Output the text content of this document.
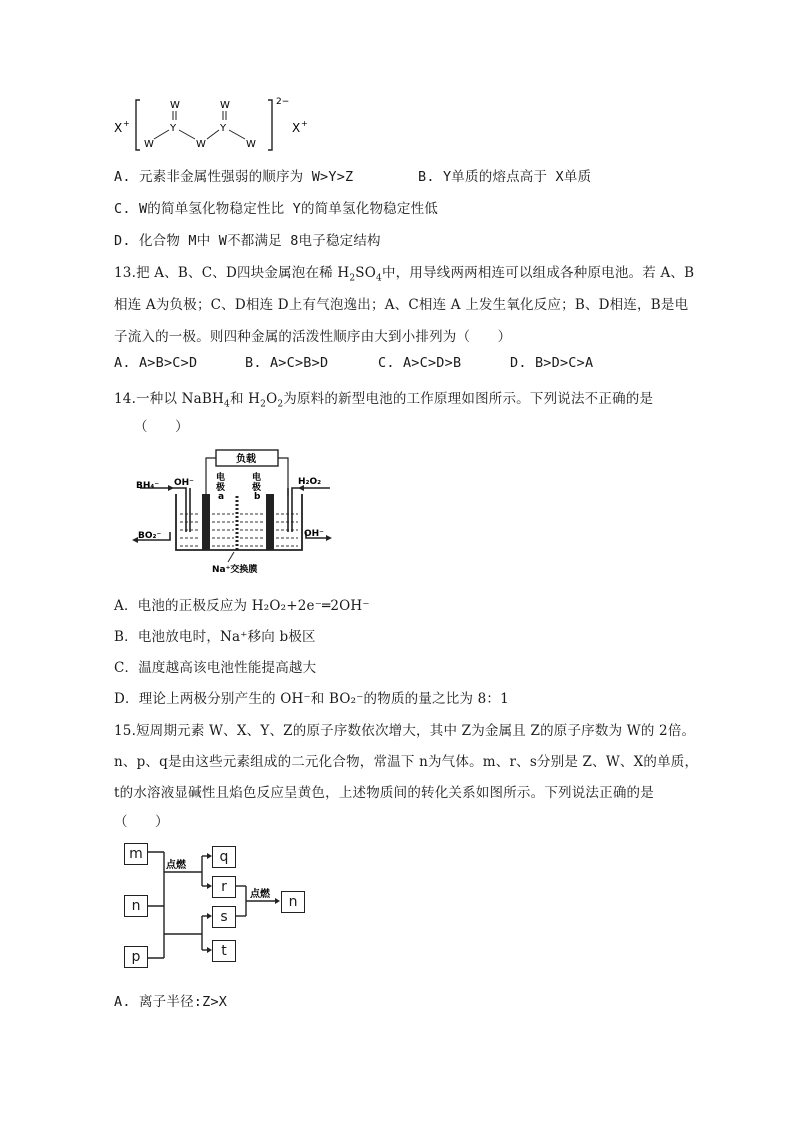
X +
2−
W	W
Y	Y
W	W	W
X +
A. 元素非金属性强弱的顺序为 W>Y>Z	B. Y单质的熔点高于 X单质
C. W的简单氢化物稳定性比 Y的简单氢化物稳定性低
D. 化合物 M中 W不都满足 8电子稳定结构
13.把 A、B、C、D四块金属泡在稀 $H_2SO_4$中，用导线两两相连可以组成各种原电池。若 A、B
相连 A为负极；C、D相连 D上有气泡逸出；A、C相连 A 上发生氧化反应；B、D相连，B是电
子流入的一极。则四种金属的活泼性顺序由大到小排列为（　　）
A. A>B>C>D	B. A>C>B>D	C. A>C>D>B	D. B>D>C>A
14.一种以 NaBH$_4$和 $H_2O_2$为原料的新型电池的工作原理如图所示。下列说法不正确的是
（　　）
负载
电
极
a
电
极
b
BH₄⁻ OH⁻
BO₂⁻
H₂O₂
OH⁻
Na⁺交换膜
A．电池的正极反应为 H₂O₂+2e⁻═2OH⁻
B．电池放电时，Na⁺移向 b极区
C．温度越高该电池性能提高越大
D．理论上两极分别产生的 OH⁻和 BO₂⁻的物质的量之比为 8：1
15.短周期元素 W、X、Y、Z的原子序数依次增大，其中 Z为金属且 Z的原子序数为 W的 2倍。
n、p、q是由这些元素组成的二元化合物，常温下 n为气体。m、r、s分别是 Z、W、X的单质，
t的水溶液显碱性且焰色反应呈黄色，上述物质间的转化关系如图所示。下列说法正确的是
（　　）
点燃
点燃
m
n
p
q
r
s
t
n
A. 离子半径:Z>X
